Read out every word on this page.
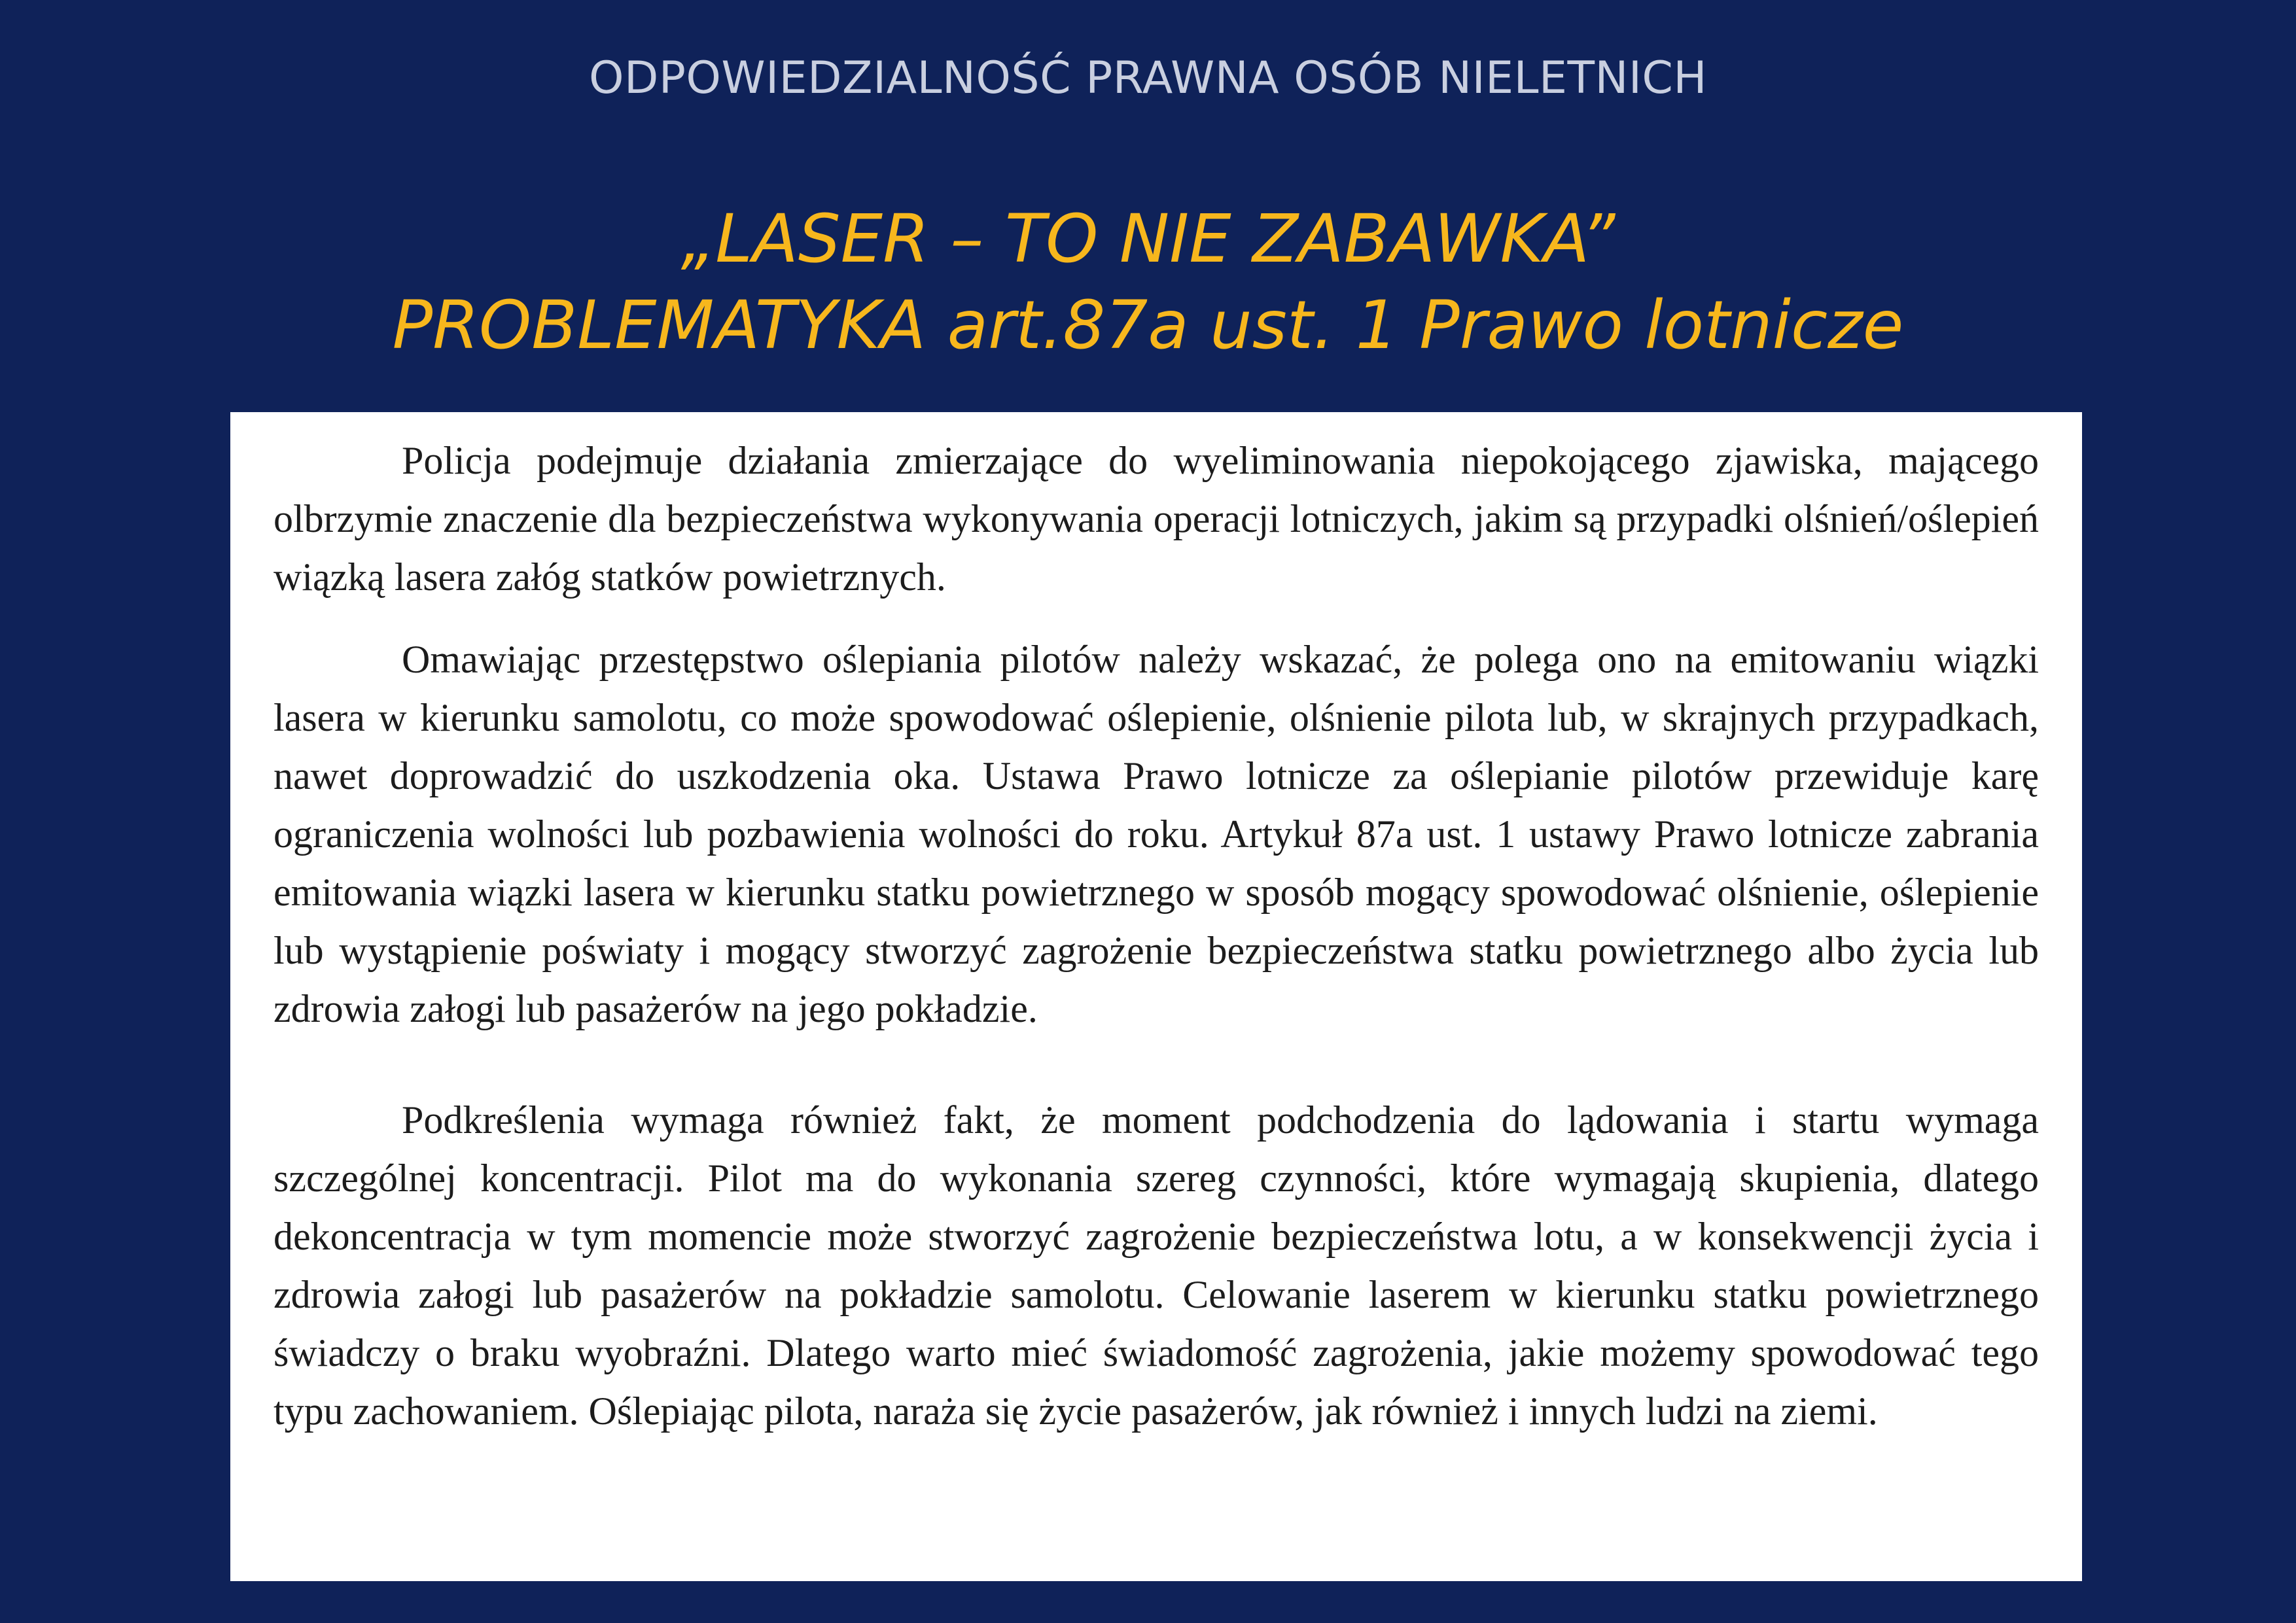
ODPOWIEDZIALNOŚĆ PRAWNA OSÓB NIELETNICH
„LASER – TO NIE ZABAWKA”
PROBLEMATYKA art.87a ust. 1 Prawo lotnicze

Policja podejmuje działania zmierzające do wyeliminowania niepokojącego zjawiska, mającego olbrzymie znaczenie dla bezpieczeństwa wykonywania operacji lotniczych, jakim są przypadki olśnień/oślepień wiązką lasera załóg statków powietrznych.

Omawiając przestępstwo oślepiania pilotów należy wskazać, że polega ono na emitowaniu wiązki lasera w kierunku samolotu, co może spowodować oślepienie, olśnienie pilota lub, w skrajnych przypadkach, nawet doprowadzić do uszkodzenia oka. Ustawa Prawo lotnicze za oślepianie pilotów przewiduje karę ograniczenia wolności lub pozbawienia wolności do roku. Artykuł 87a ust. 1 ustawy Prawo lotnicze zabrania emitowania wiązki lasera w kierunku statku powietrznego w sposób mogący spowodować olśnienie, oślepienie lub wystąpienie poświaty i mogący stworzyć zagrożenie bezpieczeństwa statku powietrznego albo życia lub zdrowia załogi lub pasażerów na jego pokładzie.

Podkreślenia wymaga również fakt, że moment podchodzenia do lądowania i startu wymaga szczególnej koncentracji. Pilot ma do wykonania szereg czynności, które wymagają skupienia, dlatego dekoncentracja w tym momencie może stworzyć zagrożenie bezpieczeństwa lotu, a w konsekwencji życia i zdrowia załogi lub pasażerów na pokładzie samolotu. Celowanie laserem w kierunku statku powietrznego świadczy o braku wyobraźni. Dlatego warto mieć świadomość zagrożenia, jakie możemy spowodować tego typu zachowaniem. Oślepiając pilota, naraża się życie pasażerów, jak również i innych ludzi na ziemi.
